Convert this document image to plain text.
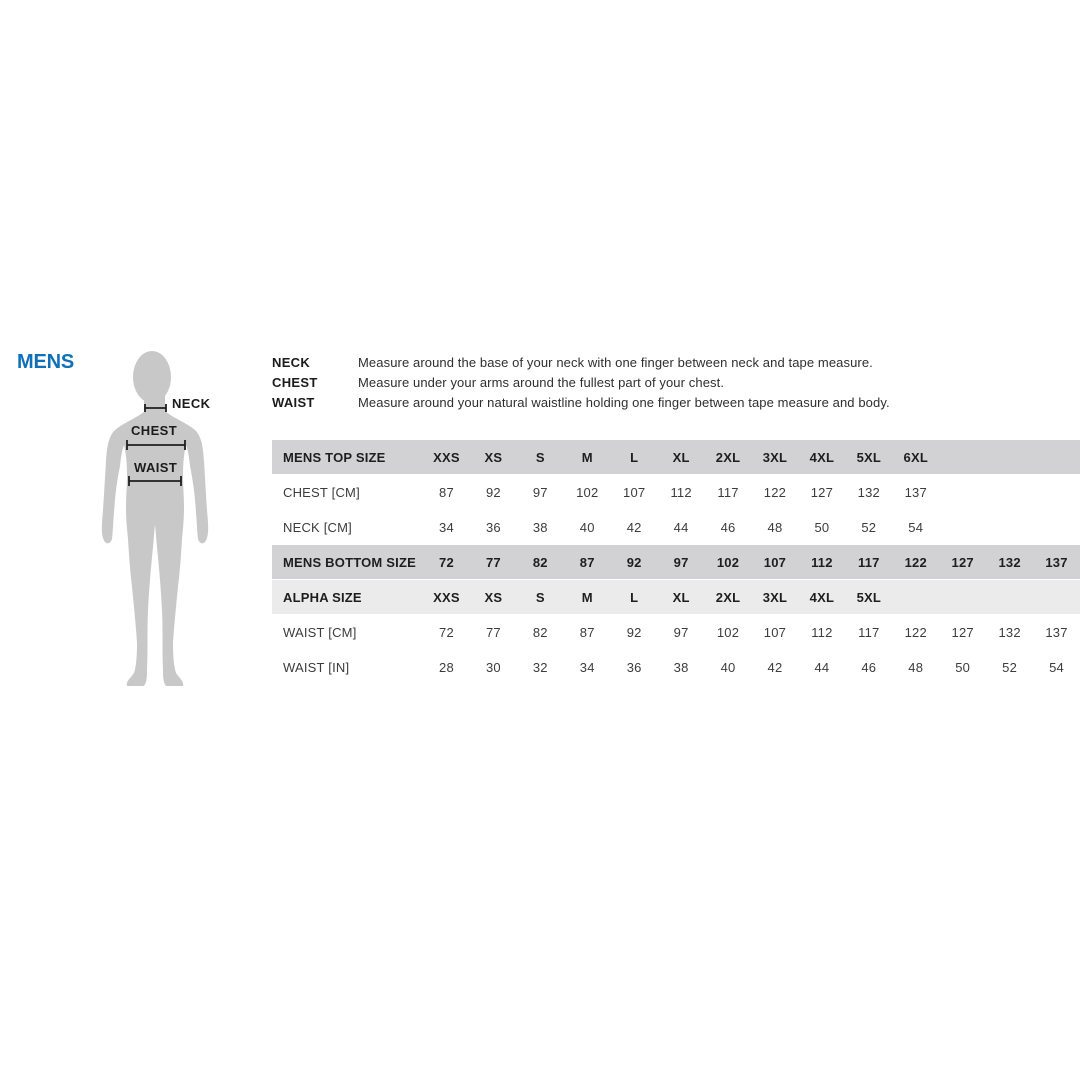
MENS
NECK
CHEST
WAIST
NECK	Measure around the base of your neck with one finger between neck and tape measure.
CHEST	Measure under your arms around the fullest part of your chest.
WAIST	Measure around your natural waistline holding one finger between tape measure and body.
MENS TOP SIZE	XXS	XS	S	M	L	XL	2XL	3XL	4XL	5XL	6XL
CHEST [CM]	87	92	97	102	107	112	117	122	127	132	137
NECK [CM]	34	36	38	40	42	44	46	48	50	52	54
MENS BOTTOM SIZE	72	77	82	87	92	97	102	107	112	117	122	127	132	137
ALPHA SIZE	XXS	XS	S	M	L	XL	2XL	3XL	4XL	5XL
WAIST [CM]	72	77	82	87	92	97	102	107	112	117	122	127	132	137
WAIST [IN]	28	30	32	34	36	38	40	42	44	46	48	50	52	54
